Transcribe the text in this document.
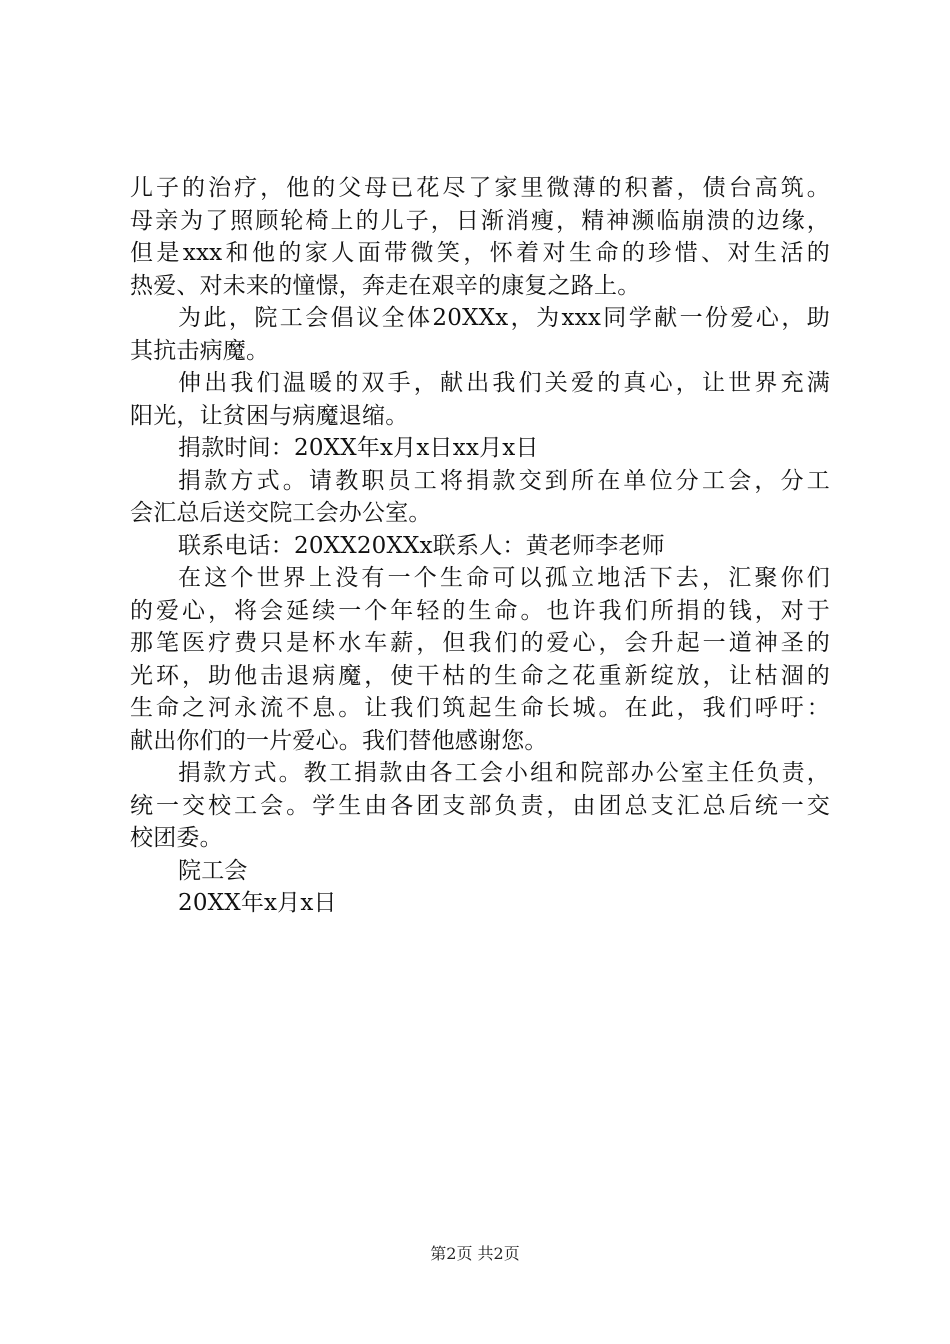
儿子的治疗，他的父母已花尽了家里微薄的积蓄，债台高筑。
母亲为了照顾轮椅上的儿子，日渐消瘦，精神濒临崩溃的边缘，
但是xxx和他的家人面带微笑，怀着对生命的珍惜、对生活的
热爱、对未来的憧憬，奔走在艰辛的康复之路上。
为此，院工会倡议全体20XXx，为xxx同学献一份爱心，助
其抗击病魔。
伸出我们温暖的双手，献出我们关爱的真心，让世界充满
阳光，让贫困与病魔退缩。
捐款时间：20XX年x月x日xx月x日
捐款方式。请教职员工将捐款交到所在单位分工会，分工
会汇总后送交院工会办公室。
联系电话：20XX20XXx联系人：黄老师李老师
在这个世界上没有一个生命可以孤立地活下去，汇聚你们
的爱心，将会延续一个年轻的生命。也许我们所捐的钱，对于
那笔医疗费只是杯水车薪，但我们的爱心，会升起一道神圣的
光环，助他击退病魔，使干枯的生命之花重新绽放，让枯涸的
生命之河永流不息。让我们筑起生命长城。在此，我们呼吁：
献出你们的一片爱心。我们替他感谢您。
捐款方式。教工捐款由各工会小组和院部办公室主任负责，
统一交校工会。学生由各团支部负责，由团总支汇总后统一交
校团委。
院工会
20XX年x月x日
第2页 共2页
